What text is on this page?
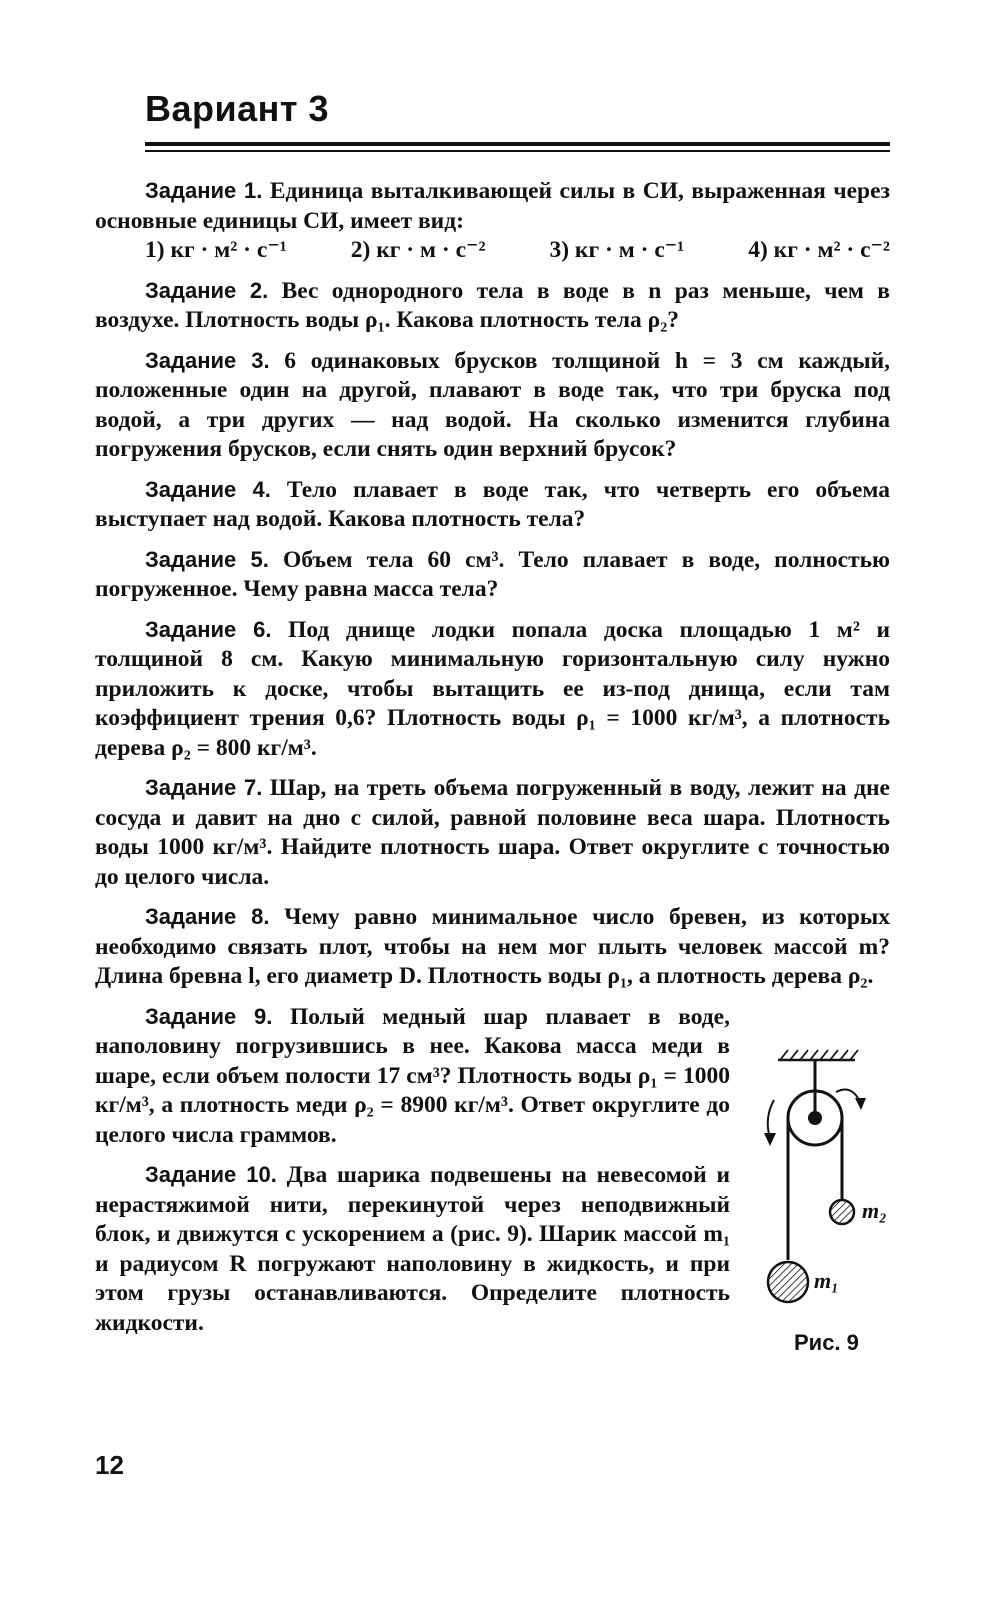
Вариант 3
Задание 1. Единица выталкивающей силы в СИ, выраженная через основные единицы СИ, имеет вид:
1) кг · м² · с⁻¹	2) кг · м · с⁻²	3) кг · м · с⁻¹	4) кг · м² · с⁻²
Задание 2. Вес однородного тела в воде в n раз меньше, чем в воздухе. Плотность воды ρ₁. Какова плотность тела ρ₂?
Задание 3. 6 одинаковых брусков толщиной h = 3 см каждый, положенные один на другой, плавают в воде так, что три бруска под водой, а три других — над водой. На сколько изменится глубина погружения брусков, если снять один верхний брусок?
Задание 4. Тело плавает в воде так, что четверть его объема выступает над водой. Какова плотность тела?
Задание 5. Объем тела 60 см³. Тело плавает в воде, полностью погруженное. Чему равна масса тела?
Задание 6. Под днище лодки попала доска площадью 1 м² и толщиной 8 см. Какую минимальную горизонтальную силу нужно приложить к доске, чтобы вытащить ее из-под днища, если там коэффициент трения 0,6? Плотность воды ρ₁ = 1000 кг/м³, а плотность дерева ρ₂ = 800 кг/м³.
Задание 7. Шар, на треть объема погруженный в воду, лежит на дне сосуда и давит на дно с силой, равной половине веса шара. Плотность воды 1000 кг/м³. Найдите плотность шара. Ответ округлите с точностью до целого числа.
Задание 8. Чему равно минимальное число бревен, из которых необходимо связать плот, чтобы на нем мог плыть человек массой m? Длина бревна l, его диаметр D. Плотность воды ρ₁, а плотность дерева ρ₂.
Задание 9. Полый медный шар плавает в воде, наполовину погрузившись в нее. Какова масса меди в шаре, если объем полости 17 см³? Плотность воды ρ₁ = 1000 кг/м³, а плотность меди ρ₂ = 8900 кг/м³. Ответ округлите до целого числа граммов.
Задание 10. Два шарика подвешены на невесомой и нерастяжимой нити, перекинутой через неподвижный блок, и движутся с ускорением a (рис. 9). Шарик массой m₁ и радиусом R погружают наполовину в жидкость, и при этом грузы останавливаются. Определите плотность жидкости.
m₂
m₁
Рис. 9
12
